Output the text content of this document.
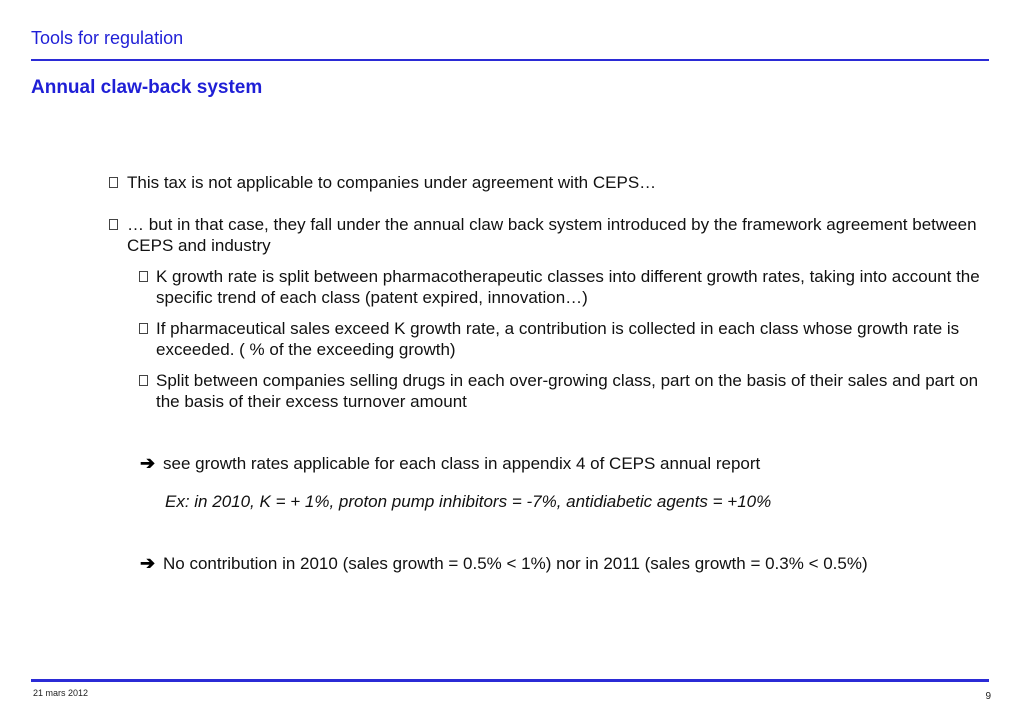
Tools for regulation
Annual claw-back system

This tax is not applicable to companies under agreement with CEPS…

… but in that case, they fall under the annual claw back system introduced by the framework agreement between CEPS and industry

K growth rate is split between pharmacotherapeutic classes into different growth rates, taking into account the specific trend of each class (patent expired, innovation…)

If pharmaceutical sales exceed K growth rate, a contribution is collected in each class whose growth rate is exceeded. ( % of the exceeding growth)

Split between companies selling drugs in each over-growing class, part on the basis of their sales and part on the basis of their excess turnover amount

➔ see growth rates applicable for each class in appendix 4 of CEPS annual report

Ex: in 2010, K = + 1%, proton pump inhibitors = -7%, antidiabetic agents = +10%

➔ No contribution in 2010 (sales growth = 0.5% < 1%) nor in 2011 (sales growth = 0.3% < 0.5%)

21 mars 2012	9
